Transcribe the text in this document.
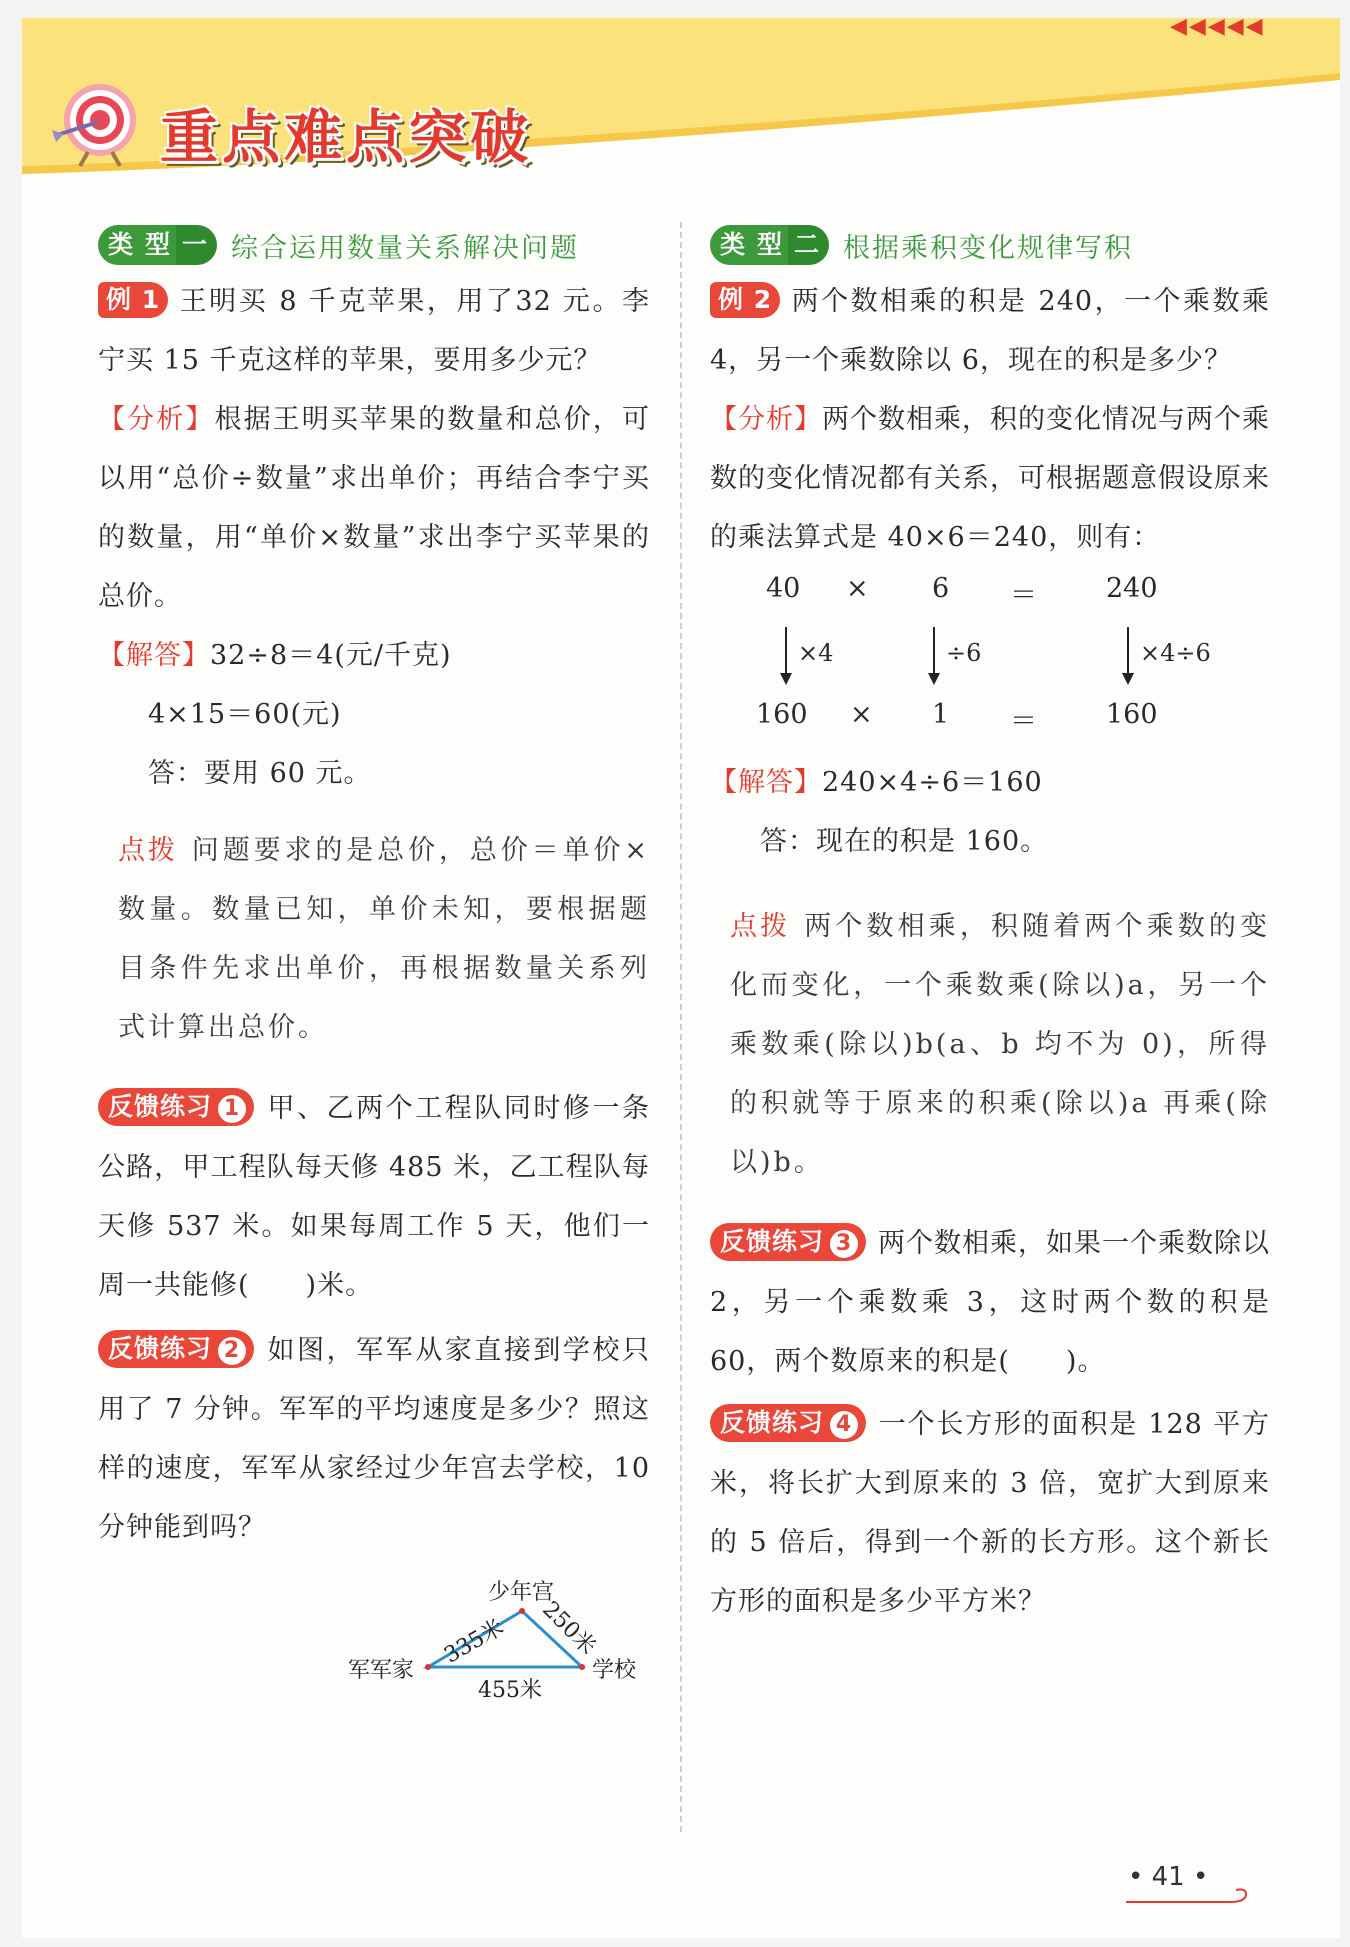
◀◀◀◀◀
重点难点突破
类 型 一 综合运用数量关系解决问题
例 1 王明买 8 千克苹果，用了32 元。李宁买 15 千克这样的苹果，要用多少元？
【分析】根据王明买苹果的数量和总价，可以用“总价÷数量”求出单价；再结合李宁买的数量，用“单价×数量”求出李宁买苹果的总价。
【解答】32÷8＝4(元/千克)
4×15＝60(元)
答：要用 60 元。
点拨 问题要求的是总价，总价＝单价×数量。数量已知，单价未知，要根据题目条件先求出单价，再根据数量关系列式计算出总价。
反馈练习 1 甲、乙两个工程队同时修一条公路，甲工程队每天修 485 米，乙工程队每天修 537 米。如果每周工作 5 天，他们一周一共能修(　　)米。
反馈练习 2 如图，军军从家直接到学校只用了 7 分钟。军军的平均速度是多少？照这样的速度，军军从家经过少年宫去学校，10 分钟能到吗？
少年宫
军军家	学校
335米 250米
455米
类 型 二 根据乘积变化规律写积
例 2 两个数相乘的积是 240，一个乘数乘 4，另一个乘数除以 6，现在的积是多少？
【分析】两个数相乘，积的变化情况与两个乘数的变化情况都有关系，可根据题意假设原来的乘法算式是 40×6＝240，则有：
40 × 6 ＝	240
×4	÷6	×4÷6
160 × 1 ＝	160
【解答】240×4÷6＝160
答：现在的积是 160。
点拨 两个数相乘，积随着两个乘数的变化而变化，一个乘数乘(除以)a，另一个乘数乘(除以)b(a、b 均不为 0)，所得的积就等于原来的积乘(除以)a 再乘(除以)b。
反馈练习 3 两个数相乘，如果一个乘数除以 2，另一个乘数乘 3，这时两个数的积是 60，两个数原来的积是(　　)。
反馈练习 4 一个长方形的面积是 128 平方米，将长扩大到原来的 3 倍，宽扩大到原来的 5 倍后，得到一个新的长方形。这个新长方形的面积是多少平方米？
• 41 •
